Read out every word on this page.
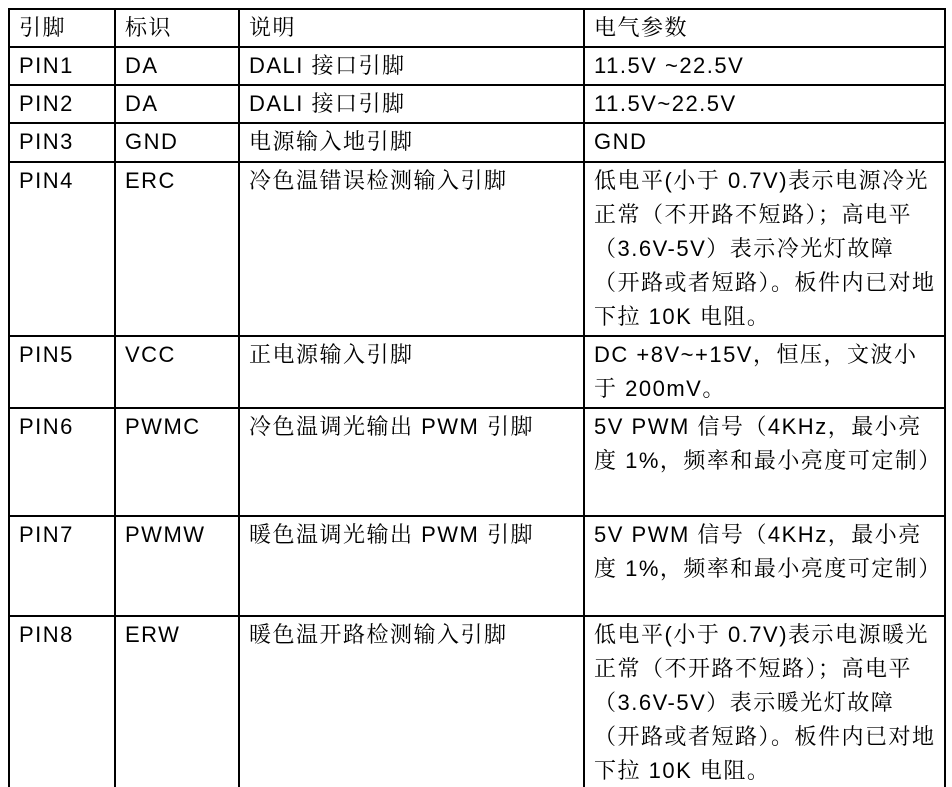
引脚	标识	说明	电气参数
PIN1	DA	DALI 接口引脚	11.5V ~22.5V
PIN2	DA	DALI 接口引脚	11.5V~22.5V
PIN3	GND	电源输入地引脚	GND
PIN4	ERC	冷色温错误检测输入引脚	低电平(小于 0.7V)表示电源冷光正常（不开路不短路）；高电平（3.6V-5V）表示冷光灯故障（开路或者短路）。板件内已对地下拉 10K 电阻。
PIN5	VCC	正电源输入引脚	DC +8V~+15V，恒压，文波小于 200mV。
PIN6	PWMC	冷色温调光输出 PWM 引脚	5V PWM 信号（4KHz，最小亮度 1%，频率和最小亮度可定制）
PIN7	PWMW	暖色温调光输出 PWM 引脚	5V PWM 信号（4KHz，最小亮度 1%，频率和最小亮度可定制）
PIN8	ERW	暖色温开路检测输入引脚	低电平(小于 0.7V)表示电源暖光正常（不开路不短路）；高电平（3.6V-5V）表示暖光灯故障（开路或者短路）。板件内已对地下拉 10K 电阻。
